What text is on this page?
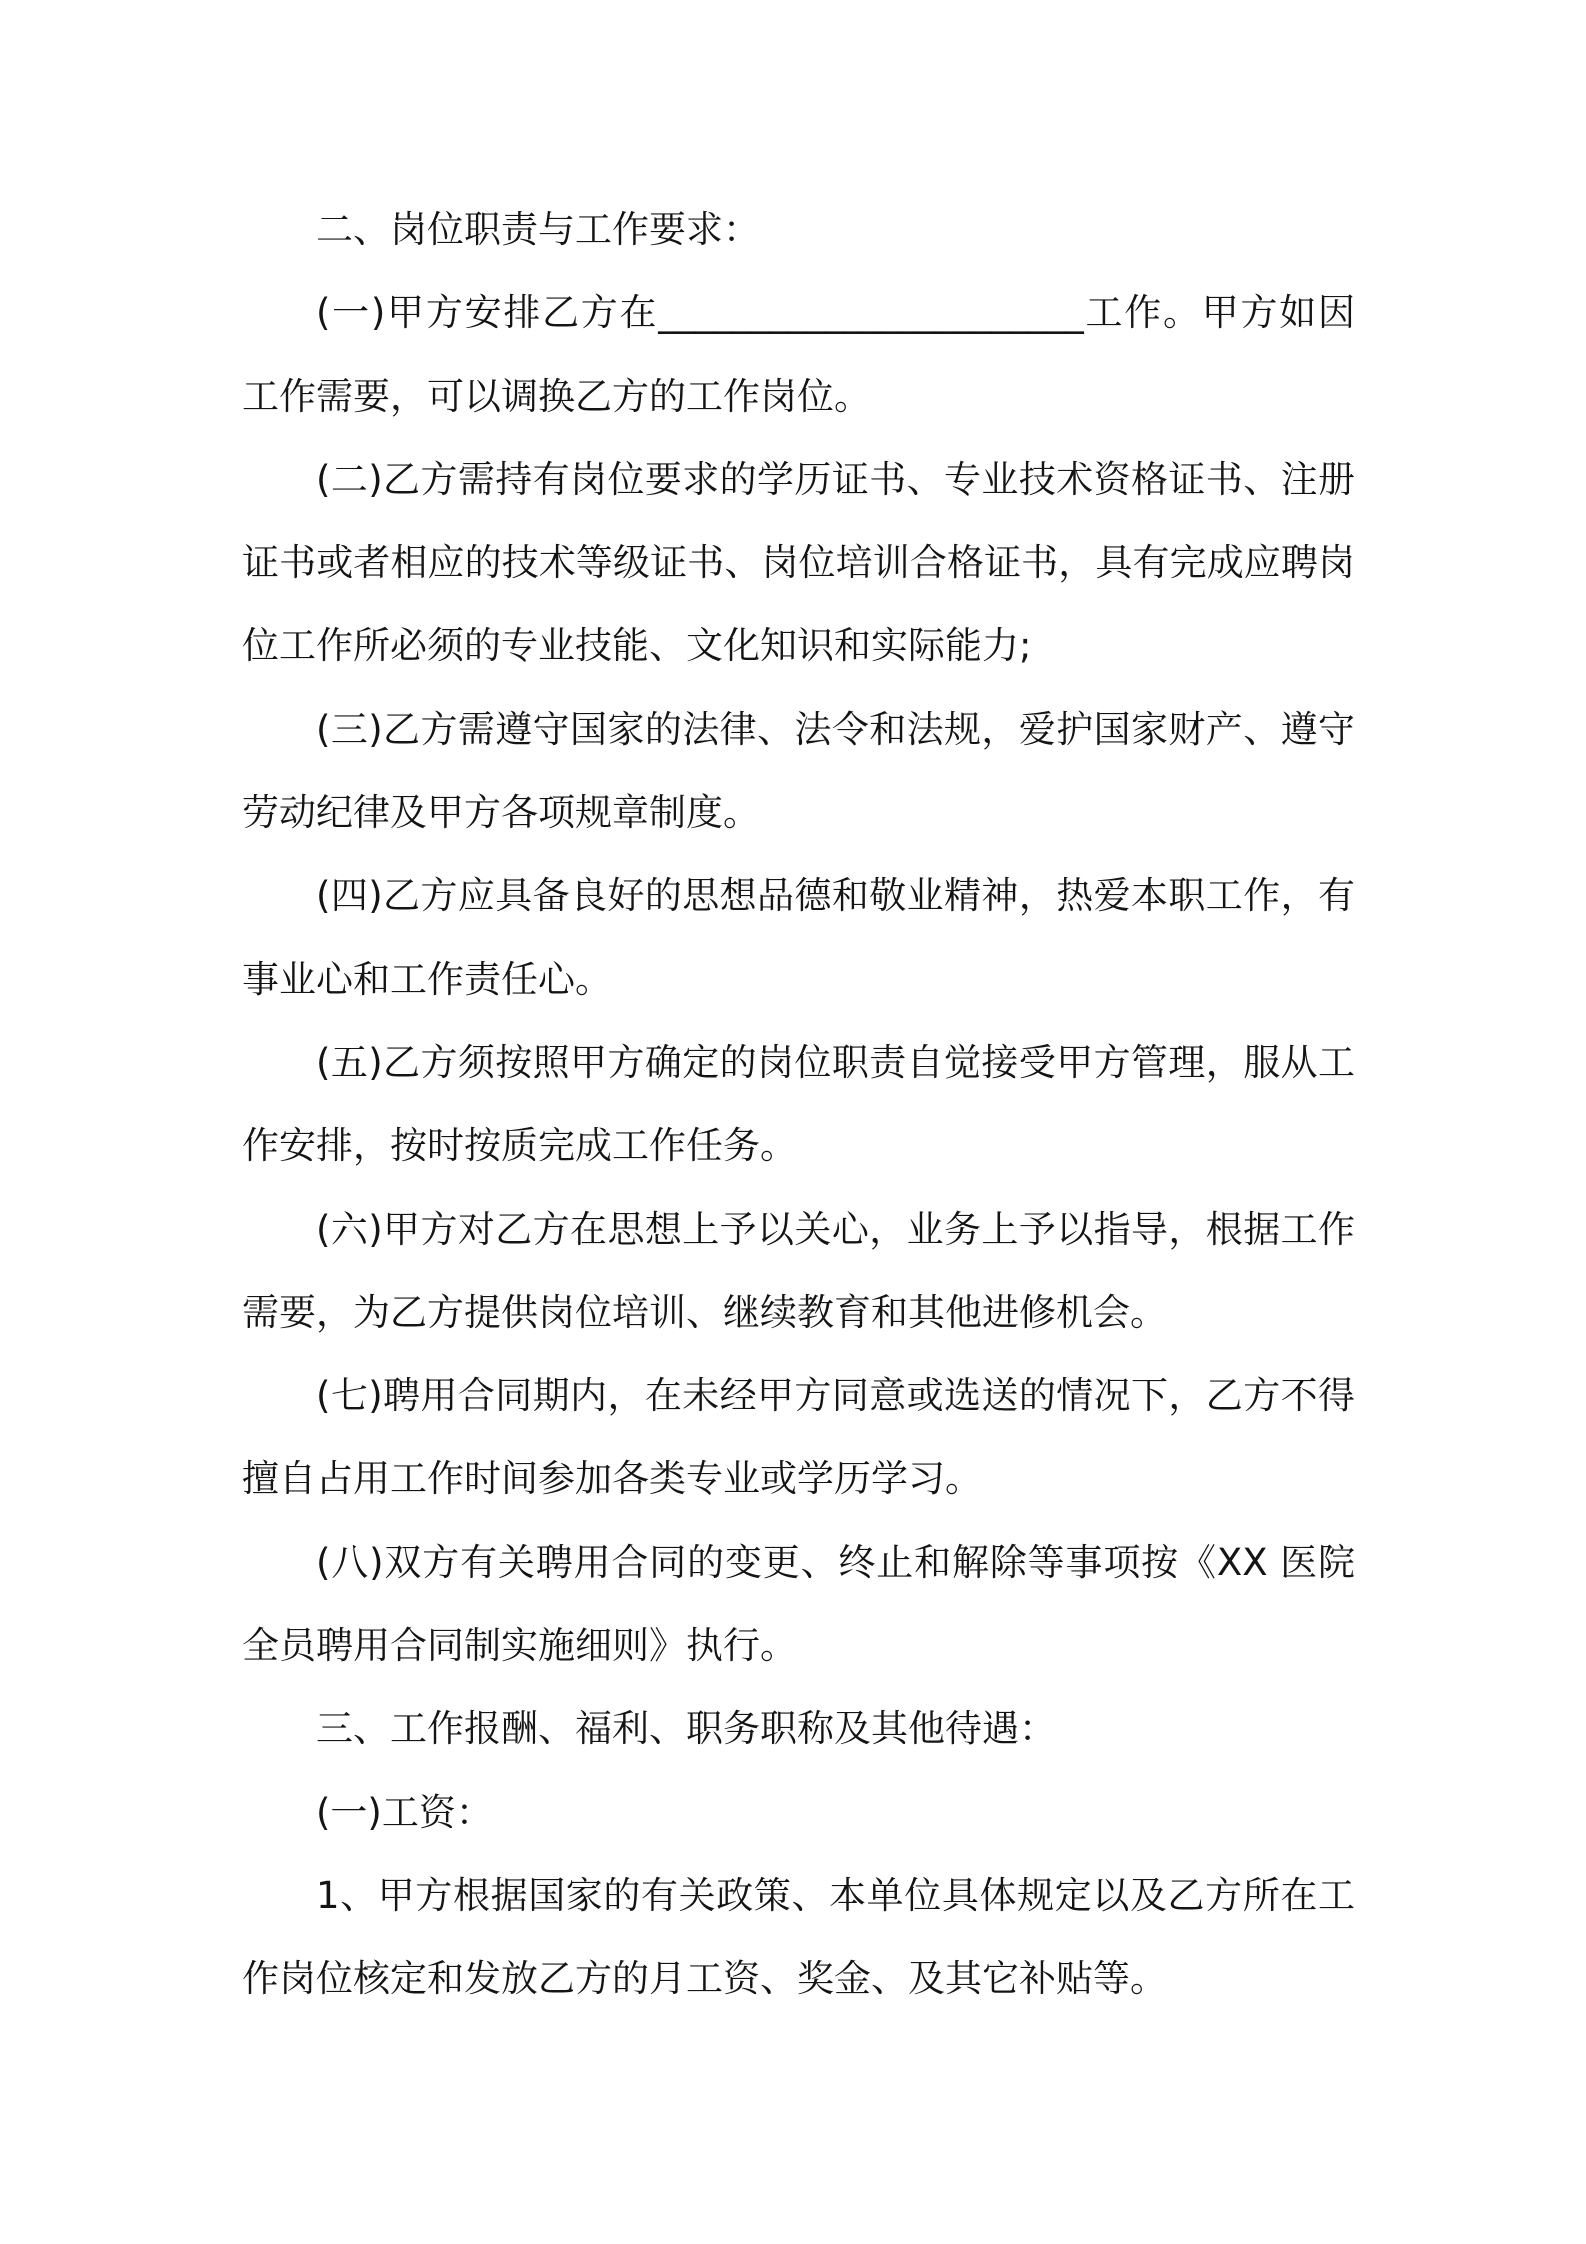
二、岗位职责与工作要求：

(一)甲方安排乙方在_______________________工作。甲方如因工作需要，可以调换乙方的工作岗位。

(二)乙方需持有岗位要求的学历证书、专业技术资格证书、注册证书或者相应的技术等级证书、岗位培训合格证书，具有完成应聘岗位工作所必须的专业技能、文化知识和实际能力;

(三)乙方需遵守国家的法律、法令和法规，爱护国家财产、遵守劳动纪律及甲方各项规章制度。

(四)乙方应具备良好的思想品德和敬业精神，热爱本职工作，有事业心和工作责任心。

(五)乙方须按照甲方确定的岗位职责自觉接受甲方管理，服从工作安排，按时按质完成工作任务。

(六)甲方对乙方在思想上予以关心，业务上予以指导，根据工作需要，为乙方提供岗位培训、继续教育和其他进修机会。

(七)聘用合同期内，在未经甲方同意或选送的情况下，乙方不得擅自占用工作时间参加各类专业或学历学习。

(八)双方有关聘用合同的变更、终止和解除等事项按《XX 医院全员聘用合同制实施细则》执行。

三、工作报酬、福利、职务职称及其他待遇：

(一)工资：

1、甲方根据国家的有关政策、本单位具体规定以及乙方所在工作岗位核定和发放乙方的月工资、奖金、及其它补贴等。
